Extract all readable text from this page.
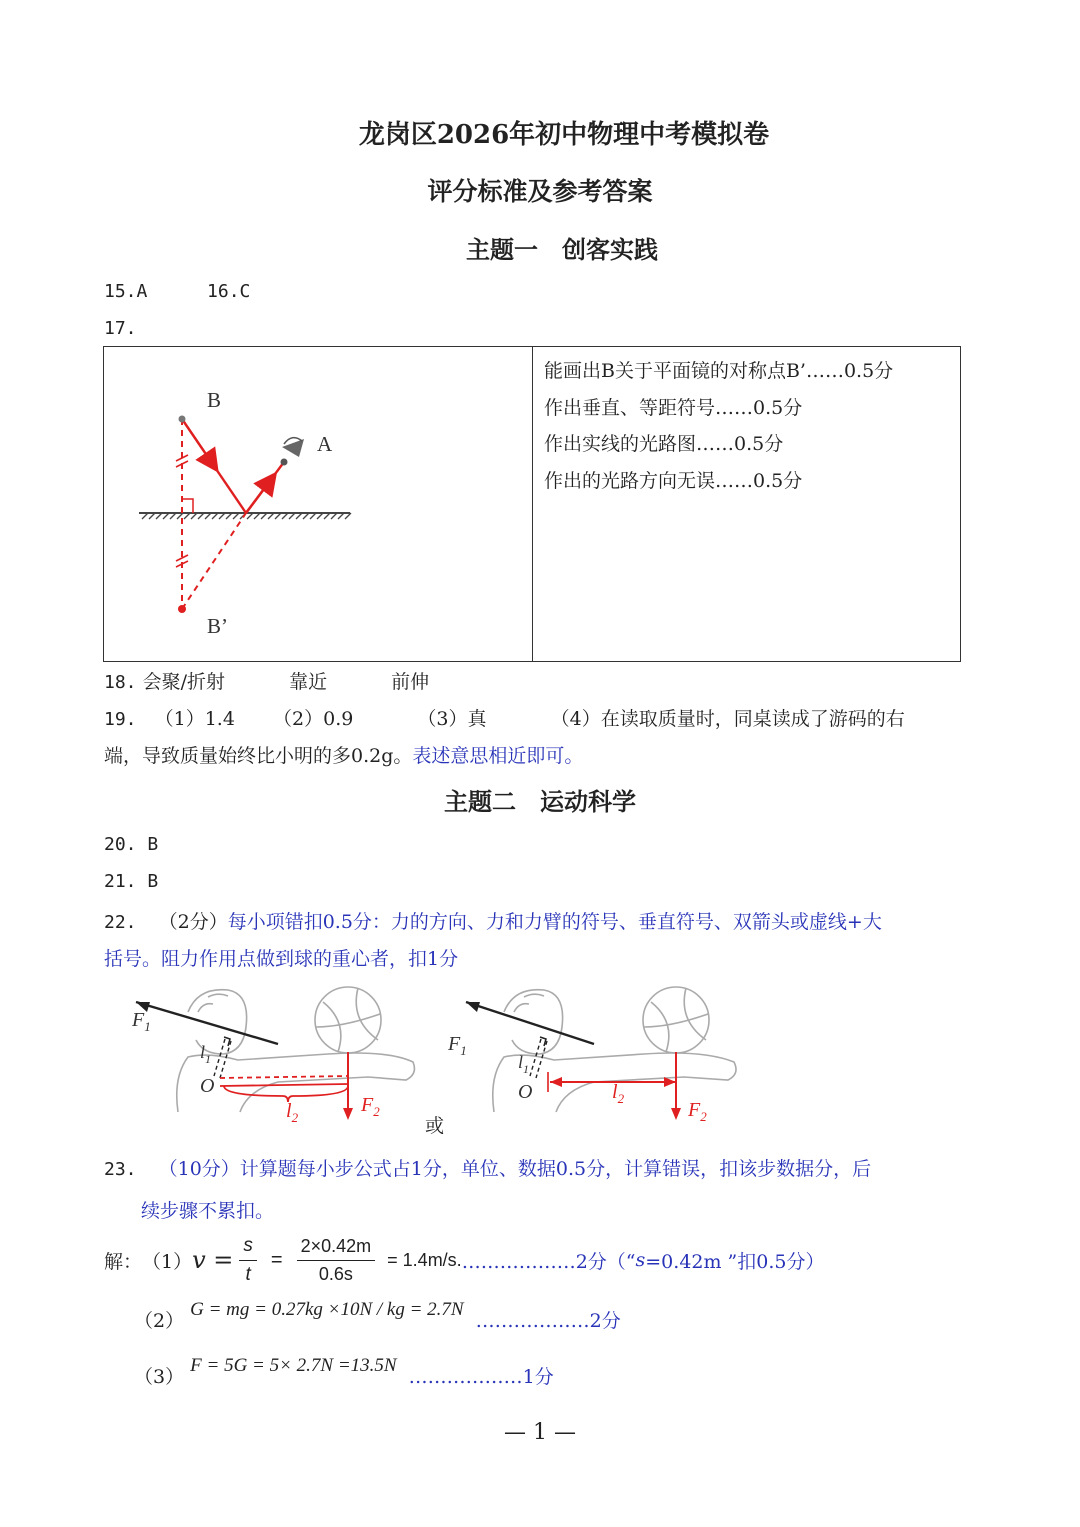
龙岗区2026年初中物理中考模拟卷
评分标准及参考答案
主题一　创客实践
15.A	16.C
17.
B
A
B’

能画出B关于平面镜的对称点B’……0.5分
作出垂直、等距符号……0.5分
作出实线的光路图……0.5分
作出的光路方向无误……0.5分
18. 会聚/折射	靠近	前伸
19. （1）1.4 （2）0.9	（3）真	（4）在读取质量时，同桌读成了游码的右
端，导致质量始终比小明的多0.2g。表述意思相近即可。
主题二　运动科学
20. B
21. B
22. （2分）每小项错扣0.5分：力的方向、力和力臂的符号、垂直符号、双箭头或虚线+大
括号。阻力作用点做到球的重心者，扣1分
$F_1$
$l_1$
O
$l_2$
$F_2$
或
$F_1$
$l_1$
O	$l_2$
$F_2$
23. （10分）计算题每小步公式占1分，单位、数据0.5分，计算错误，扣该步数据分，后
续步骤不累扣。
解： （1） $v = \frac{s}{t} = \frac{2\times 0.42m}{0.6s} = 1.4m/s$. ………………2分（“ s =0.42m ”扣0.5分）
（2） G = mg = 0.27kg ×10N / kg = 2.7N ………………2分
（3） F = 5G = 5× 2.7N =13.5N ………………1分
— 1 —
